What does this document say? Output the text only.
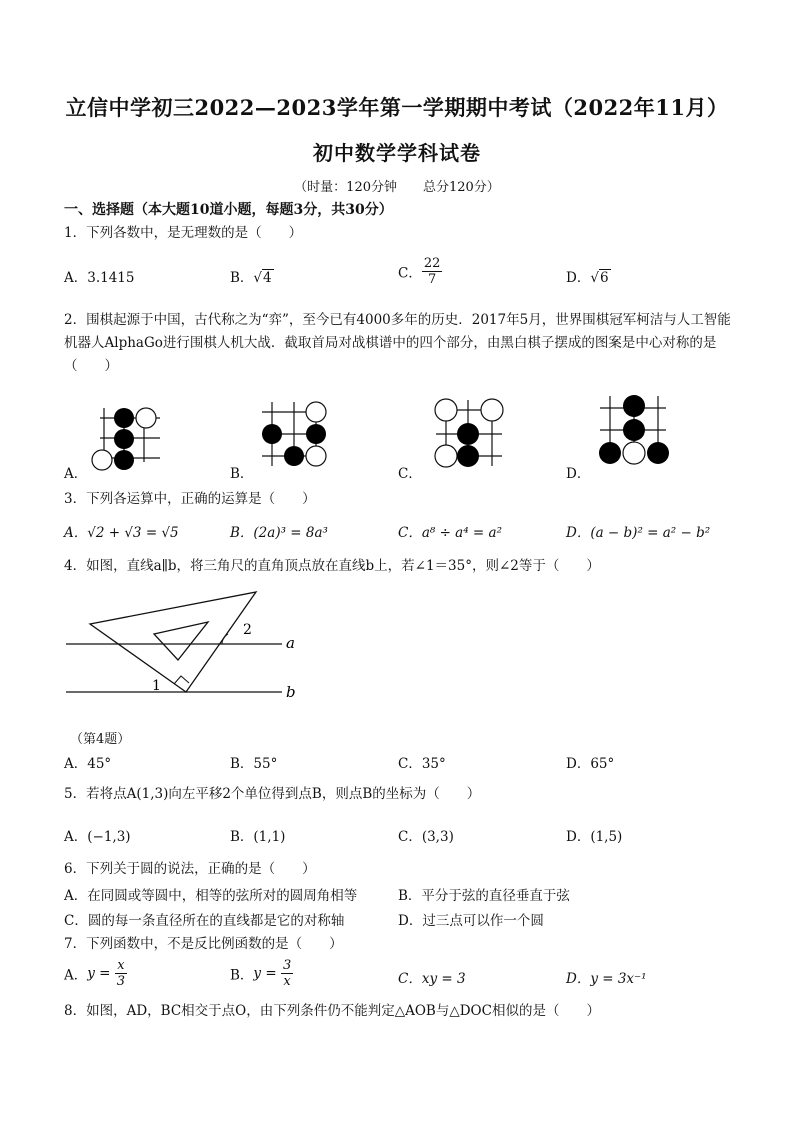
立信中学初三2022—2023学年第一学期期中考试（2022年11月）
初中数学学科试卷
（时量：120分钟　　总分120分）
一、选择题（本大题10道小题，每题3分，共30分）
1．下列各数中，是无理数的是（　　）
A．3.1415	B．√4	C． $\frac{22}{7}$	D．√6
2．围棋起源于中国，古代称之为“弈”，至今已有4000多年的历史．2017年5月，世界围棋冠军柯洁与人工智能机器人AlphaGo进行围棋人机大战．截取首局对战棋谱中的四个部分，由黑白棋子摆成的图案是中心对称的是（　　）
A．	B．	C．	D．
3．下列各运算中，正确的运算是（　　）
A．√2 + √3 = √5	B．(2a)³ = 8a³	C．a⁸ ÷ a⁴ = a²	D．(a − b)² = a² − b²
4．如图，直线a∥b，将三角尺的直角顶点放在直线b上，若∠1＝35°，则∠2等于（　　）
a
b
1
2
（第4题）
A．45°	B．55°	C．35°	D．65°
5．若将点A(1,3)向左平移2个单位得到点B，则点B的坐标为（　　）
A．(−1,3)	B．(1,1)	C．(3,3)	D．(1,5)
6．下列关于圆的说法，正确的是（　　）
A．在同圆或等圆中，相等的弦所对的圆周角相等	B．平分于弦的直径垂直于弦
C．圆的每一条直径所在的直线都是它的对称轴	D．过三点可以作一个圆
7．下列函数中，不是反比例函数的是（　　）
A．$y = \frac{x}{3}$	B．$y = \frac{3}{x}$	C．xy = 3	D．y = 3x⁻¹
8．如图，AD，BC相交于点O，由下列条件仍不能判定△AOB与△DOC相似的是（　　）
